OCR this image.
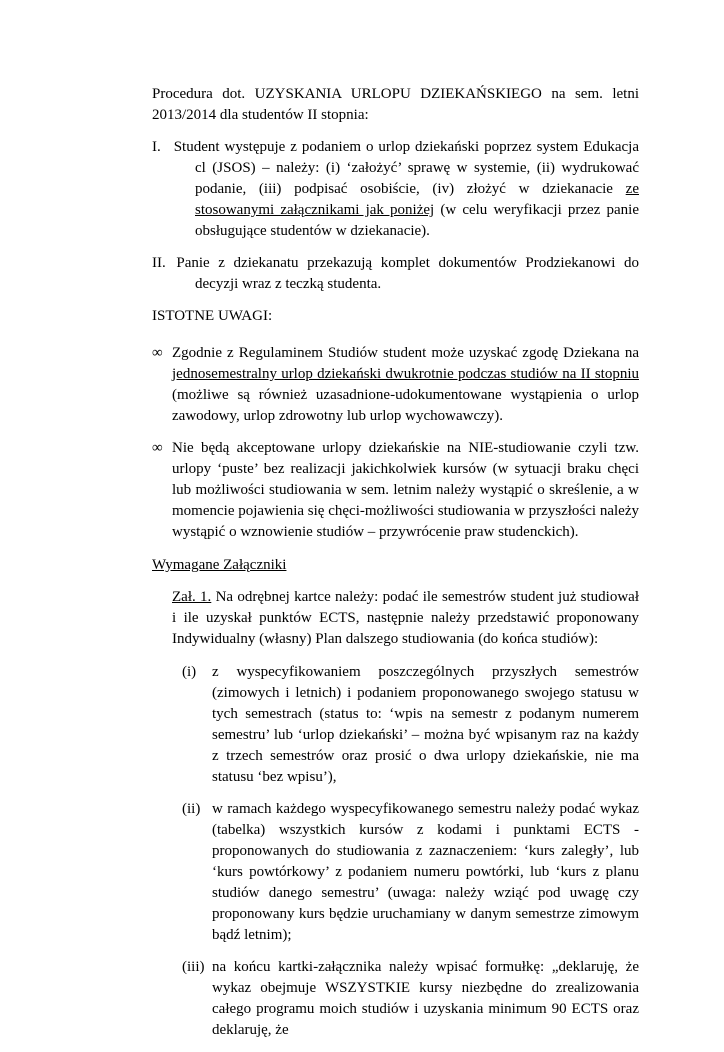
Procedura dot. UZYSKANIA URLOPU DZIEKAŃSKIEGO na sem. letni 2013/2014 dla studentów II stopnia:

I. Student występuje z podaniem o urlop dziekański poprzez system Edukacja cl (JSOS) – należy: (i) ‘założyć’ sprawę w systemie, (ii) wydrukować podanie, (iii) podpisać osobiście, (iv) złożyć w dziekanacie ze stosowanymi załącznikami jak poniżej (w celu weryfikacji przez panie obsługujące studentów w dziekanacie).
II. Panie z dziekanatu przekazują komplet dokumentów Prodziekanowi do decyzji wraz z teczką studenta.

ISTOTNE UWAGI:

∞ Zgodnie z Regulaminem Studiów student może uzyskać zgodę Dziekana na jednosemestralny urlop dziekański dwukrotnie podczas studiów na II stopniu (możliwe są również uzasadnione-udokumentowane wystąpienia o urlop zawodowy, urlop zdrowotny lub urlop wychowawczy).
∞ Nie będą akceptowane urlopy dziekańskie na NIE-studiowanie czyli tzw. urlopy ‘puste’ bez realizacji jakichkolwiek kursów (w sytuacji braku chęci lub możliwości studiowania w sem. letnim należy wystąpić o skreślenie, a w momencie pojawienia się chęci-możliwości studiowania w przyszłości należy wystąpić o wznowienie studiów – przywrócenie praw studenckich).

Wymagane Załączniki

Zał. 1. Na odrębnej kartce należy: podać ile semestrów student już studiował i ile uzyskał punktów ECTS, następnie należy przedstawić proponowany Indywidualny (własny) Plan dalszego studiowania (do końca studiów):

(i)	z wyspecyfikowaniem poszczególnych przyszłych semestrów (zimowych i letnich) i podaniem proponowanego swojego statusu w tych semestrach (status to: ‘wpis na semestr z podanym numerem semestru’ lub ‘urlop dziekański’ – można być wpisanym raz na każdy z trzech semestrów oraz prosić o dwa urlopy dziekańskie, nie ma statusu ‘bez wpisu’),
(ii) w ramach każdego wyspecyfikowanego semestru należy podać wykaz (tabelka) wszystkich kursów z kodami i punktami ECTS - proponowanych do studiowania z zaznaczeniem: ‘kurs zaległy’, lub ‘kurs powtórkowy’ z podaniem numeru powtórki, lub ‘kurs z planu studiów danego semestru’ (uwaga: należy wziąć pod uwagę czy proponowany kurs będzie uruchamiany w danym semestrze zimowym bądź letnim);
(iii) na końcu kartki-załącznika należy wpisać formułkę: „deklaruję, że wykaz obejmuje WSZYSTKIE kursy niezbędne do zrealizowania całego programu moich studiów i uzyskania minimum 90 ECTS oraz deklaruję, że
